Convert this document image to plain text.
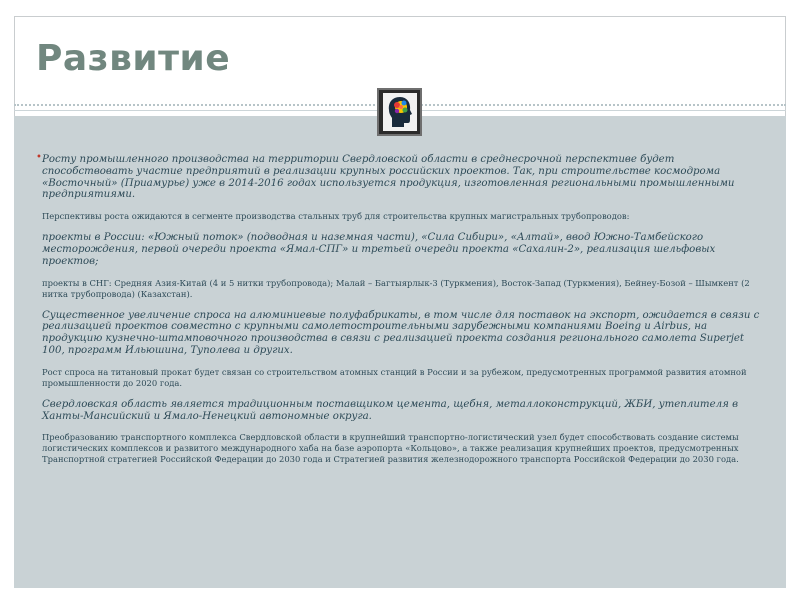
Развитие

• Росту промышленного производства на территории Свердловской области в среднесрочной перспективе будет способствовать участие предприятий в реализации крупных российских проектов. Так, при строительстве космодрома «Восточный» (Приамурье) уже в 2014-2016 годах используется продукция, изготовленная региональными промышленными предприятиями.

Перспективы роста ожидаются в сегменте производства стальных труб для строительства крупных магистральных трубопроводов:

проекты в России: «Южный поток» (подводная и наземная части), «Сила Сибири», «Алтай», ввод Южно-Тамбейского месторождения, первой очереди проекта «Ямал-СПГ» и третьей очереди проекта «Сахалин-2», реализация шельфовых проектов;

проекты в СНГ: Средняя Азия-Китай (4 и 5 нитки трубопровода); Малай – Багтыярлык-3 (Туркмения), Восток-Запад (Туркмения), Бейнеу-Бозой – Шымкент (2 нитка трубопровода) (Казахстан).

Существенное увеличение спроса на алюминиевые полуфабрикаты, в том числе для поставок на экспорт, ожидается в связи с реализацией проектов совместно с крупными самолетостроительными зарубежными компаниями Boeing и Airbus, на продукцию кузнечно-штамповочного производства в связи с реализацией проекта создания регионального самолета Superjet 100, программ Ильюшина, Туполева и других.

Рост спроса на титановый прокат будет связан со строительством атомных станций в России и за рубежом, предусмотренных программой развития атомной промышленности до 2020 года.

Свердловская область является традиционным поставщиком цемента, щебня, металлоконструкций, ЖБИ, утеплителя в Ханты-Мансийский и Ямало-Ненецкий автономные округа.

Преобразованию транспортного комплекса Свердловской области в крупнейший транспортно-логистический узел будет способствовать создание системы логистических комплексов и развитого международного хаба на базе аэропорта «Кольцово», а также реализация крупнейших проектов, предусмотренных Транспортной стратегией Российской Федерации до 2030 года и Стратегией развития железнодорожного транспорта Российской Федерации до 2030 года.
